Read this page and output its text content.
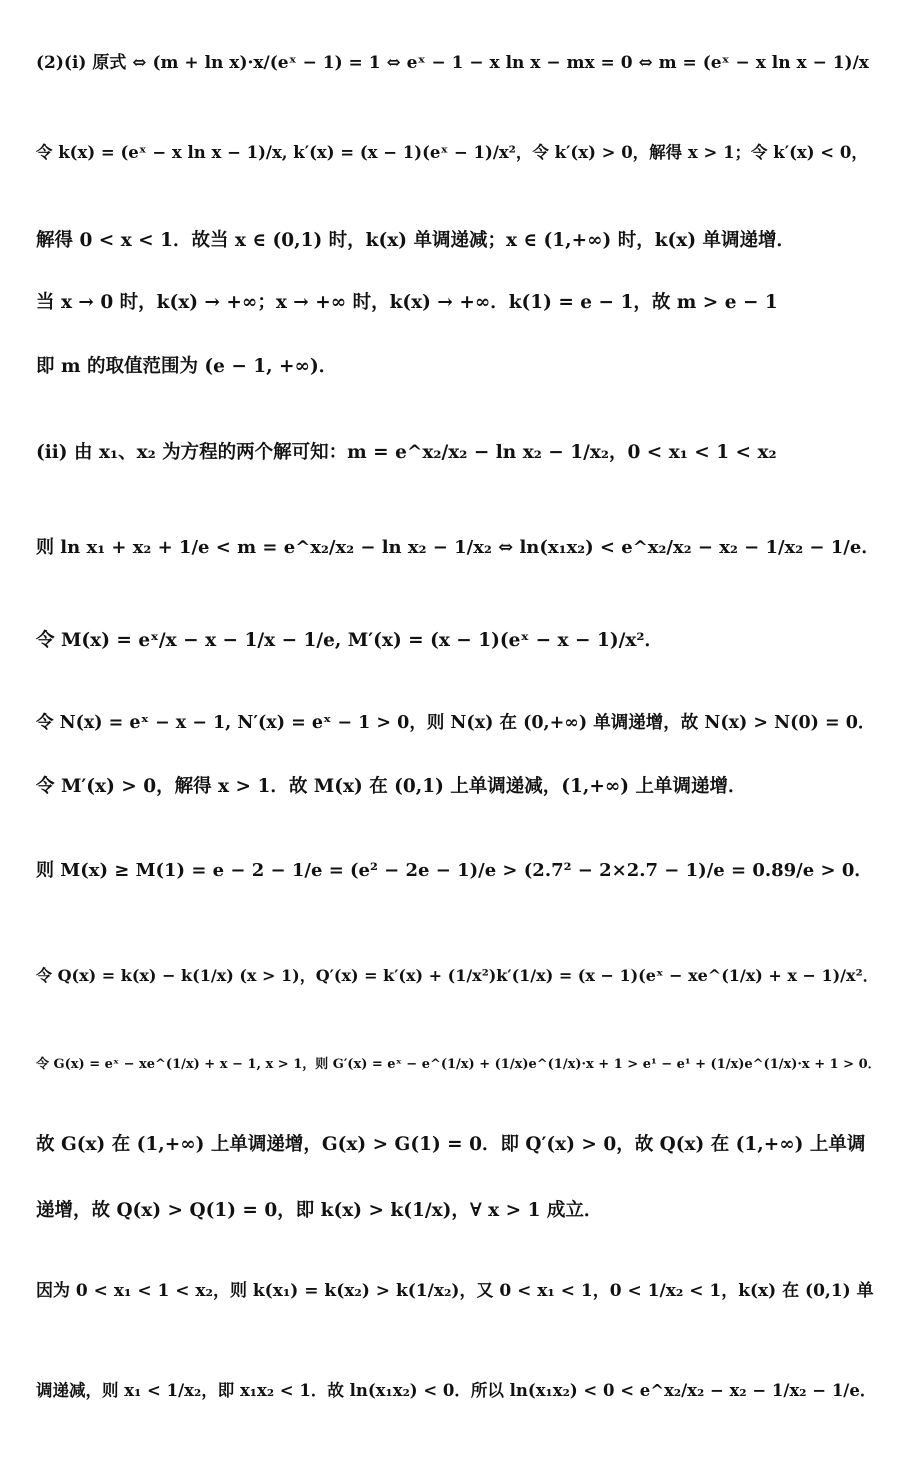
(2)(i) 原式 ⇔ (m + ln x)·x/(eˣ − 1) = 1 ⇔ eˣ − 1 − x ln x − mx = 0 ⇔ m = (eˣ − x ln x − 1)/x
令 k(x) = (eˣ − x ln x − 1)/x, k′(x) = (x − 1)(eˣ − 1)/x²，令 k′(x) > 0，解得 x > 1；令 k′(x) < 0，
解得 0 < x < 1．故当 x ∈ (0,1) 时，k(x) 单调递减；x ∈ (1,+∞) 时，k(x) 单调递增．
当 x → 0 时，k(x) → +∞；x → +∞ 时，k(x) → +∞．k(1) = e − 1，故 m > e − 1
即 m 的取值范围为 (e − 1, +∞)．
(ii) 由 x₁、x₂ 为方程的两个解可知：m = e^x₂/x₂ − ln x₂ − 1/x₂，0 < x₁ < 1 < x₂
则 ln x₁ + x₂ + 1/e < m = e^x₂/x₂ − ln x₂ − 1/x₂ ⇔ ln(x₁x₂) < e^x₂/x₂ − x₂ − 1/x₂ − 1/e．
令 M(x) = eˣ/x − x − 1/x − 1/e, M′(x) = (x − 1)(eˣ − x − 1)/x²．
令 N(x) = eˣ − x − 1, N′(x) = eˣ − 1 > 0，则 N(x) 在 (0,+∞) 单调递增，故 N(x) > N(0) = 0．
令 M′(x) > 0，解得 x > 1．故 M(x) 在 (0,1) 上单调递减，(1,+∞) 上单调递增．
则 M(x) ≥ M(1) = e − 2 − 1/e = (e² − 2e − 1)/e > (2.7² − 2×2.7 − 1)/e = 0.89/e > 0．
令 Q(x) = k(x) − k(1/x) (x > 1)，Q′(x) = k′(x) + (1/x²)k′(1/x) = (x − 1)(eˣ − xe^(1/x) + x − 1)/x²．
令 G(x) = eˣ − xe^(1/x) + x − 1, x > 1，则 G′(x) = eˣ − e^(1/x) + (1/x)e^(1/x)·x + 1 > e¹ − e¹ + (1/x)e^(1/x)·x + 1 > 0．
故 G(x) 在 (1,+∞) 上单调递增，G(x) > G(1) = 0．即 Q′(x) > 0，故 Q(x) 在 (1,+∞) 上单调
递增，故 Q(x) > Q(1) = 0，即 k(x) > k(1/x)，∀ x > 1 成立．
因为 0 < x₁ < 1 < x₂，则 k(x₁) = k(x₂) > k(1/x₂)，又 0 < x₁ < 1，0 < 1/x₂ < 1，k(x) 在 (0,1) 单
调递减，则 x₁ < 1/x₂，即 x₁x₂ < 1．故 ln(x₁x₂) < 0．所以 ln(x₁x₂) < 0 < e^x₂/x₂ − x₂ − 1/x₂ − 1/e．
